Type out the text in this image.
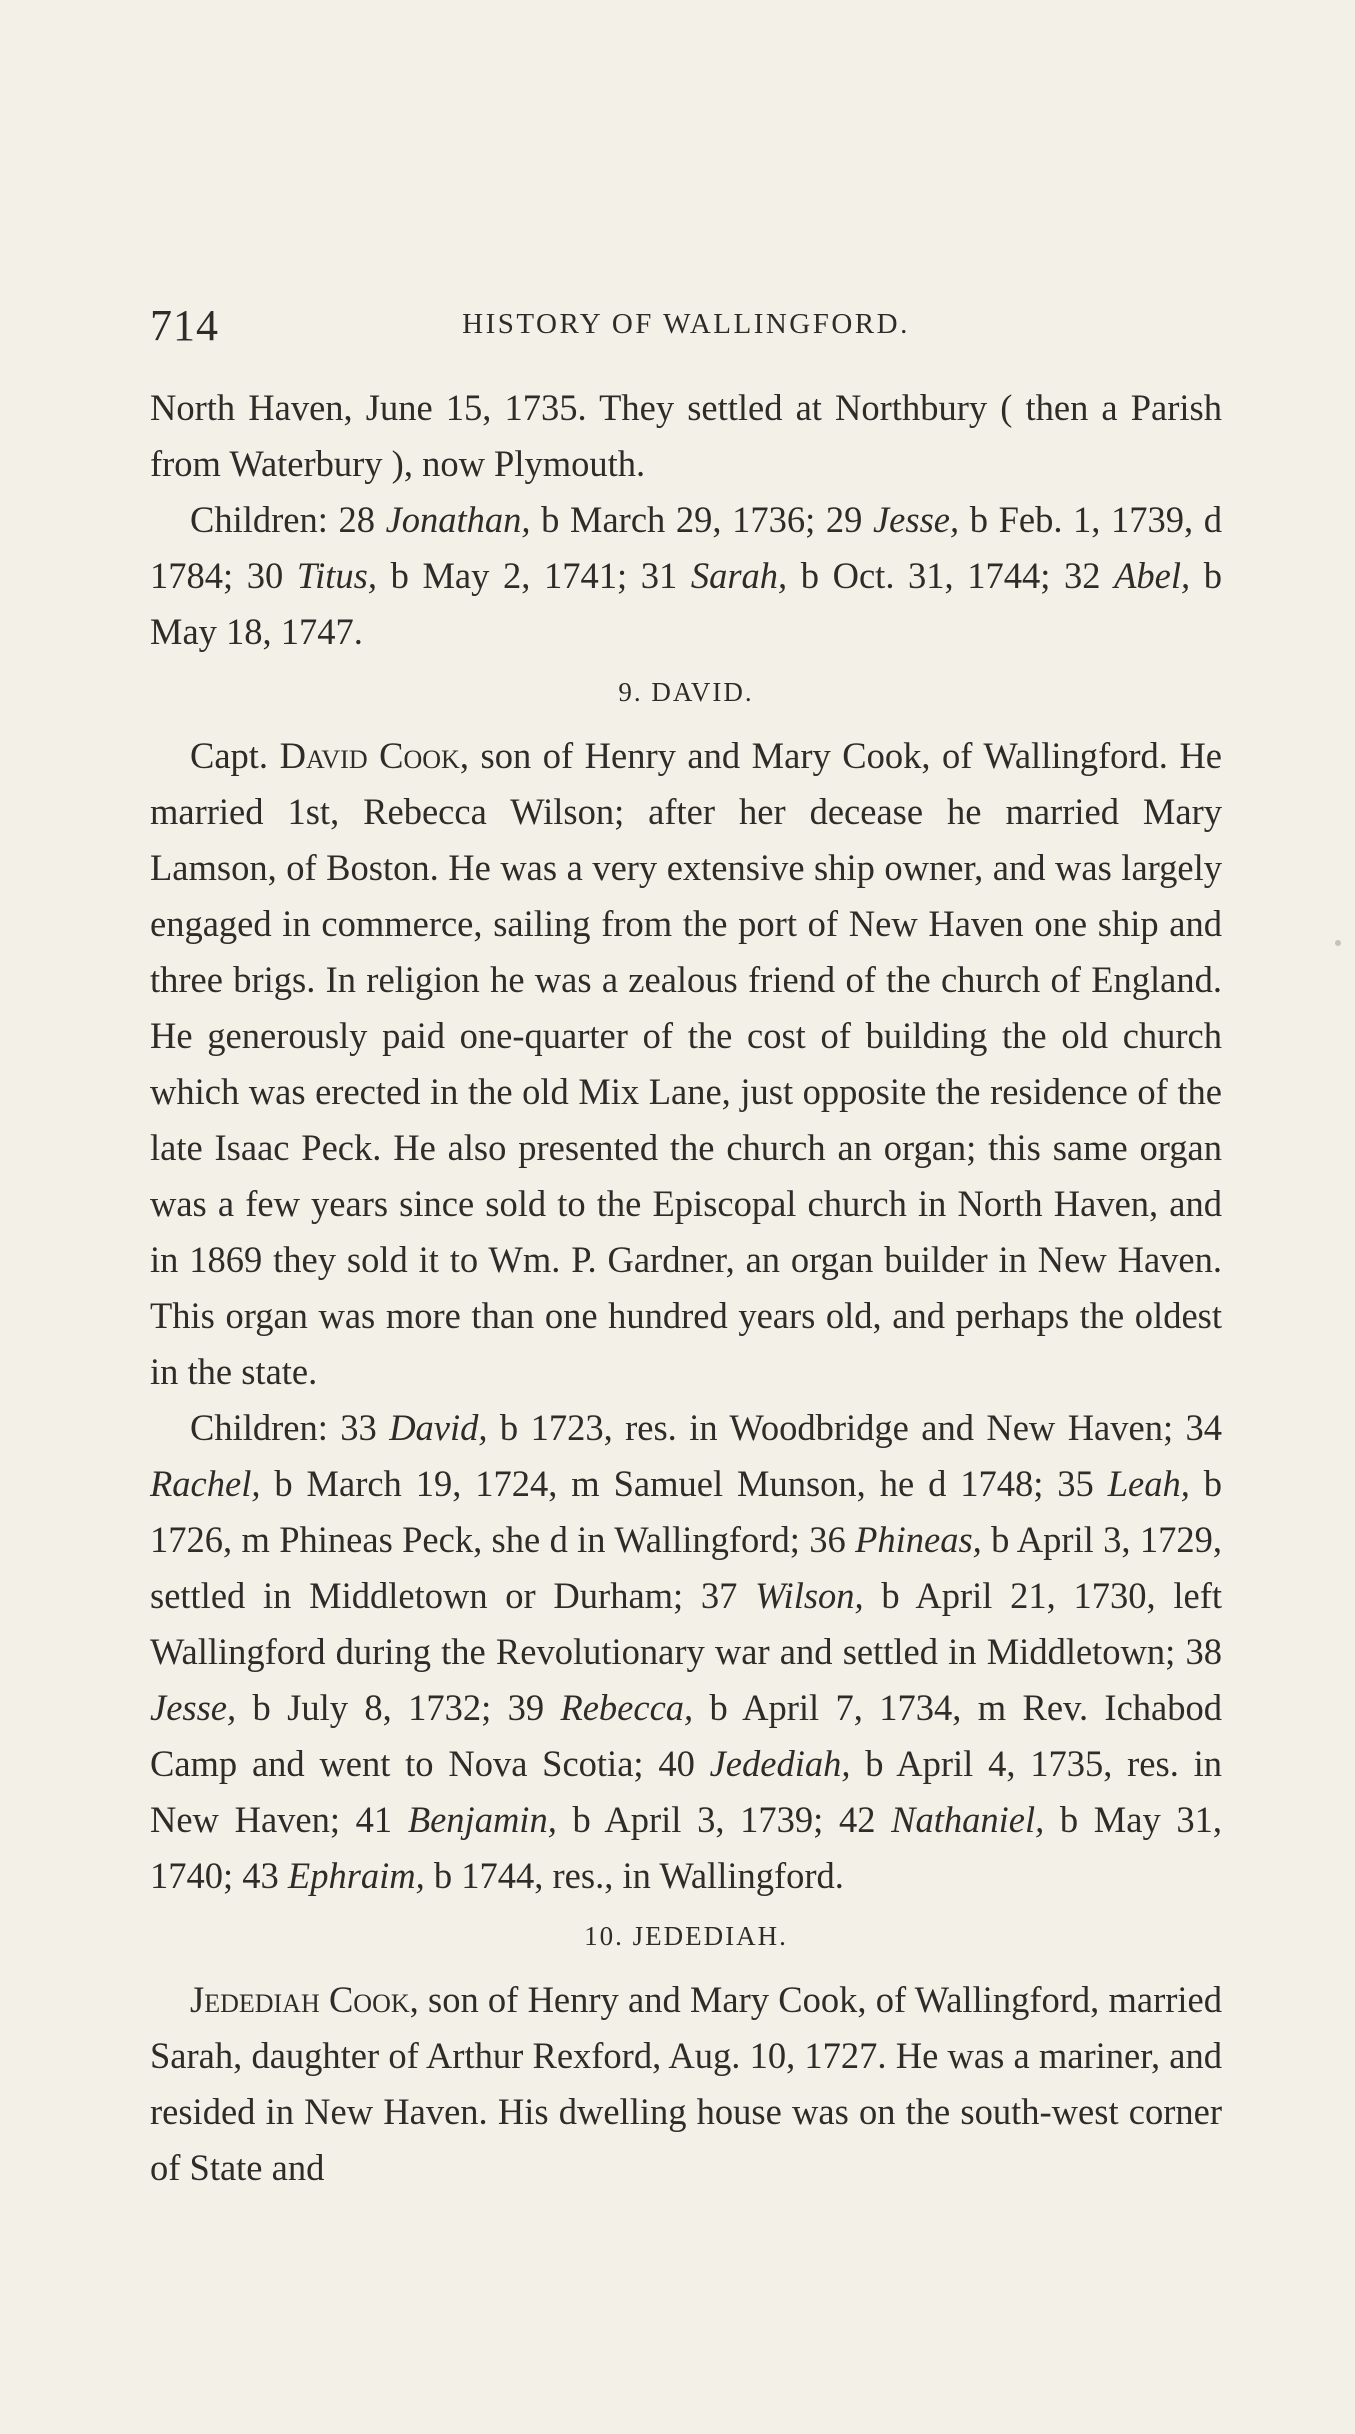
714	HISTORY OF WALLINGFORD.

North Haven, June 15, 1735. They settled at Northbury ( then a Parish from Waterbury ), now Plymouth.

Children: 28 Jonathan, b March 29, 1736; 29 Jesse, b Feb. 1, 1739, d 1784; 30 Titus, b May 2, 1741; 31 Sarah, b Oct. 31, 1744; 32 Abel, b May 18, 1747.

9. DAVID.

Capt. David Cook, son of Henry and Mary Cook, of Wallingford. He married 1st, Rebecca Wilson; after her decease he married Mary Lamson, of Boston. He was a very extensive ship owner, and was largely engaged in commerce, sailing from the port of New Haven one ship and three brigs. In religion he was a zealous friend of the church of England. He generously paid one-quarter of the cost of building the old church which was erected in the old Mix Lane, just opposite the residence of the late Isaac Peck. He also presented the church an organ; this same organ was a few years since sold to the Episcopal church in North Haven, and in 1869 they sold it to Wm. P. Gardner, an organ builder in New Haven. This organ was more than one hundred years old, and perhaps the oldest in the state.

Children: 33 David, b 1723, res. in Woodbridge and New Haven; 34 Rachel, b March 19, 1724, m Samuel Munson, he d 1748; 35 Leah, b 1726, m Phineas Peck, she d in Wallingford; 36 Phineas, b April 3, 1729, settled in Middletown or Durham; 37 Wilson, b April 21, 1730, left Wallingford during the Revolutionary war and settled in Middletown; 38 Jesse, b July 8, 1732; 39 Rebecca, b April 7, 1734, m Rev. Ichabod Camp and went to Nova Scotia; 40 Jedediah, b April 4, 1735, res. in New Haven; 41 Benjamin, b April 3, 1739; 42 Nathaniel, b May 31, 1740; 43 Ephraim, b 1744, res., in Wallingford.

10. JEDEDIAH.

Jedediah Cook, son of Henry and Mary Cook, of Wallingford, married Sarah, daughter of Arthur Rexford, Aug. 10, 1727. He was a mariner, and resided in New Haven. His dwelling house was on the south-west corner of State and
